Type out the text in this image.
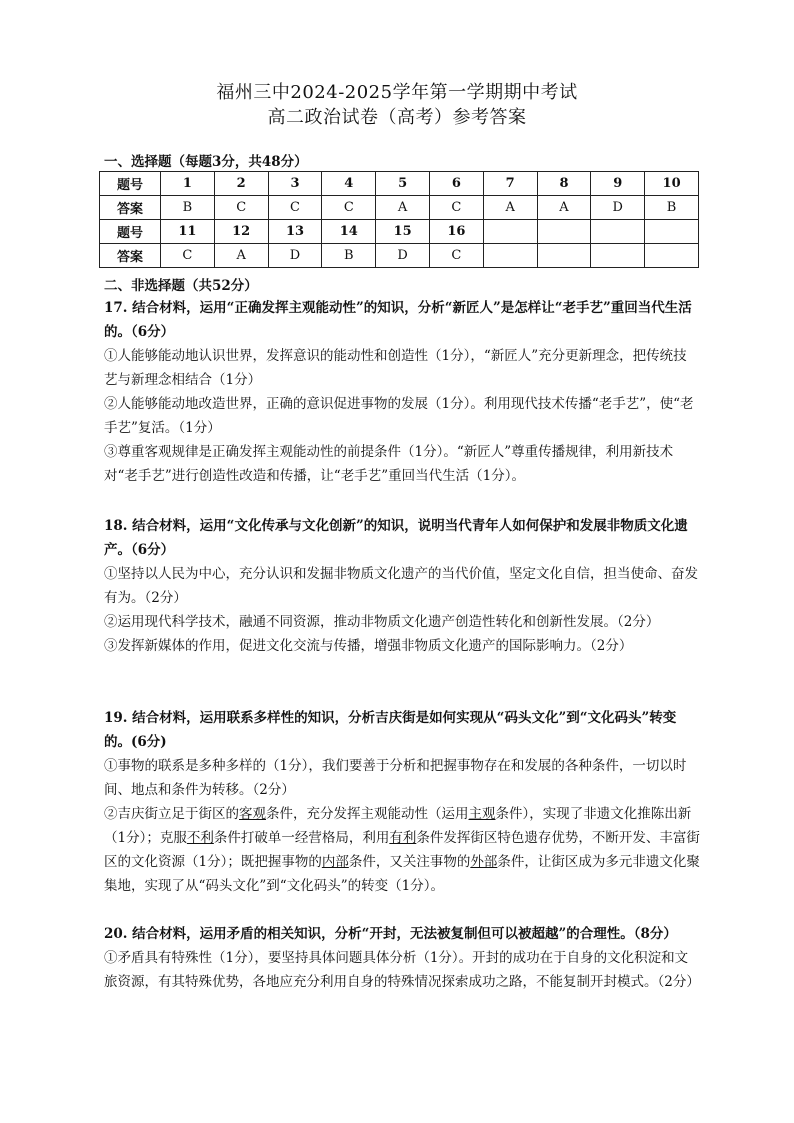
福州三中2024-2025学年第一学期期中考试
高二政治试卷（高考）参考答案
一、选择题（每题3分，共48分）
题号	1	2	3	4	5	6	7	8	9	10
答案	B	C	C	C	A	C	A	A	D	B
题号	11	12	13	14	15	16				
答案	C	A	D	B	D	C				
二、非选择题（共52分）

17. 结合材料，运用“正确发挥主观能动性”的知识，分析“新匠人”是怎样让“老手艺”重回当代生活的。（6分）

①人能够能动地认识世界，发挥意识的能动性和创造性（1分），“新匠人”充分更新理念，把传统技艺与新理念相结合（1分）

②人能够能动地改造世界，正确的意识促进事物的发展（1分）。利用现代技术传播“老手艺”，使“老手艺”复活。（1分）

③尊重客观规律是正确发挥主观能动性的前提条件（1分）。“新匠人”尊重传播规律，利用新技术对“老手艺”进行创造性改造和传播，让“老手艺”重回当代生活（1分）。

18. 结合材料，运用“文化传承与文化创新”的知识，说明当代青年人如何保护和发展非物质文化遗产。（6分）

①坚持以人民为中心，充分认识和发掘非物质文化遗产的当代价值，坚定文化自信，担当使命、奋发有为。（2分）

②运用现代科学技术，融通不同资源，推动非物质文化遗产创造性转化和创新性发展。（2分）

③发挥新媒体的作用，促进文化交流与传播，增强非物质文化遗产的国际影响力。（2分）

19. 结合材料，运用联系多样性的知识，分析吉庆街是如何实现从“码头文化”到“文化码头”转变的。(6分)

①事物的联系是多种多样的（1分），我们要善于分析和把握事物存在和发展的各种条件，一切以时间、地点和条件为转移。（2分）

②吉庆街立足于街区的客观条件，充分发挥主观能动性（运用主观条件），实现了非遗文化推陈出新（1分）；克服不利条件打破单一经营格局，利用有利条件发挥街区特色遗存优势，不断开发、丰富街区的文化资源（1分）；既把握事物的内部条件，又关注事物的外部条件，让街区成为多元非遗文化聚集地，实现了从“码头文化”到“文化码头”的转变（1分）。

20. 结合材料，运用矛盾的相关知识，分析“开封，无法被复制但可以被超越”的合理性。（8分）

①矛盾具有特殊性（1分），要坚持具体问题具体分析（1分）。开封的成功在于自身的文化积淀和文旅资源，有其特殊优势，各地应充分利用自身的特殊情况探索成功之路，不能复制开封模式。（2分）
